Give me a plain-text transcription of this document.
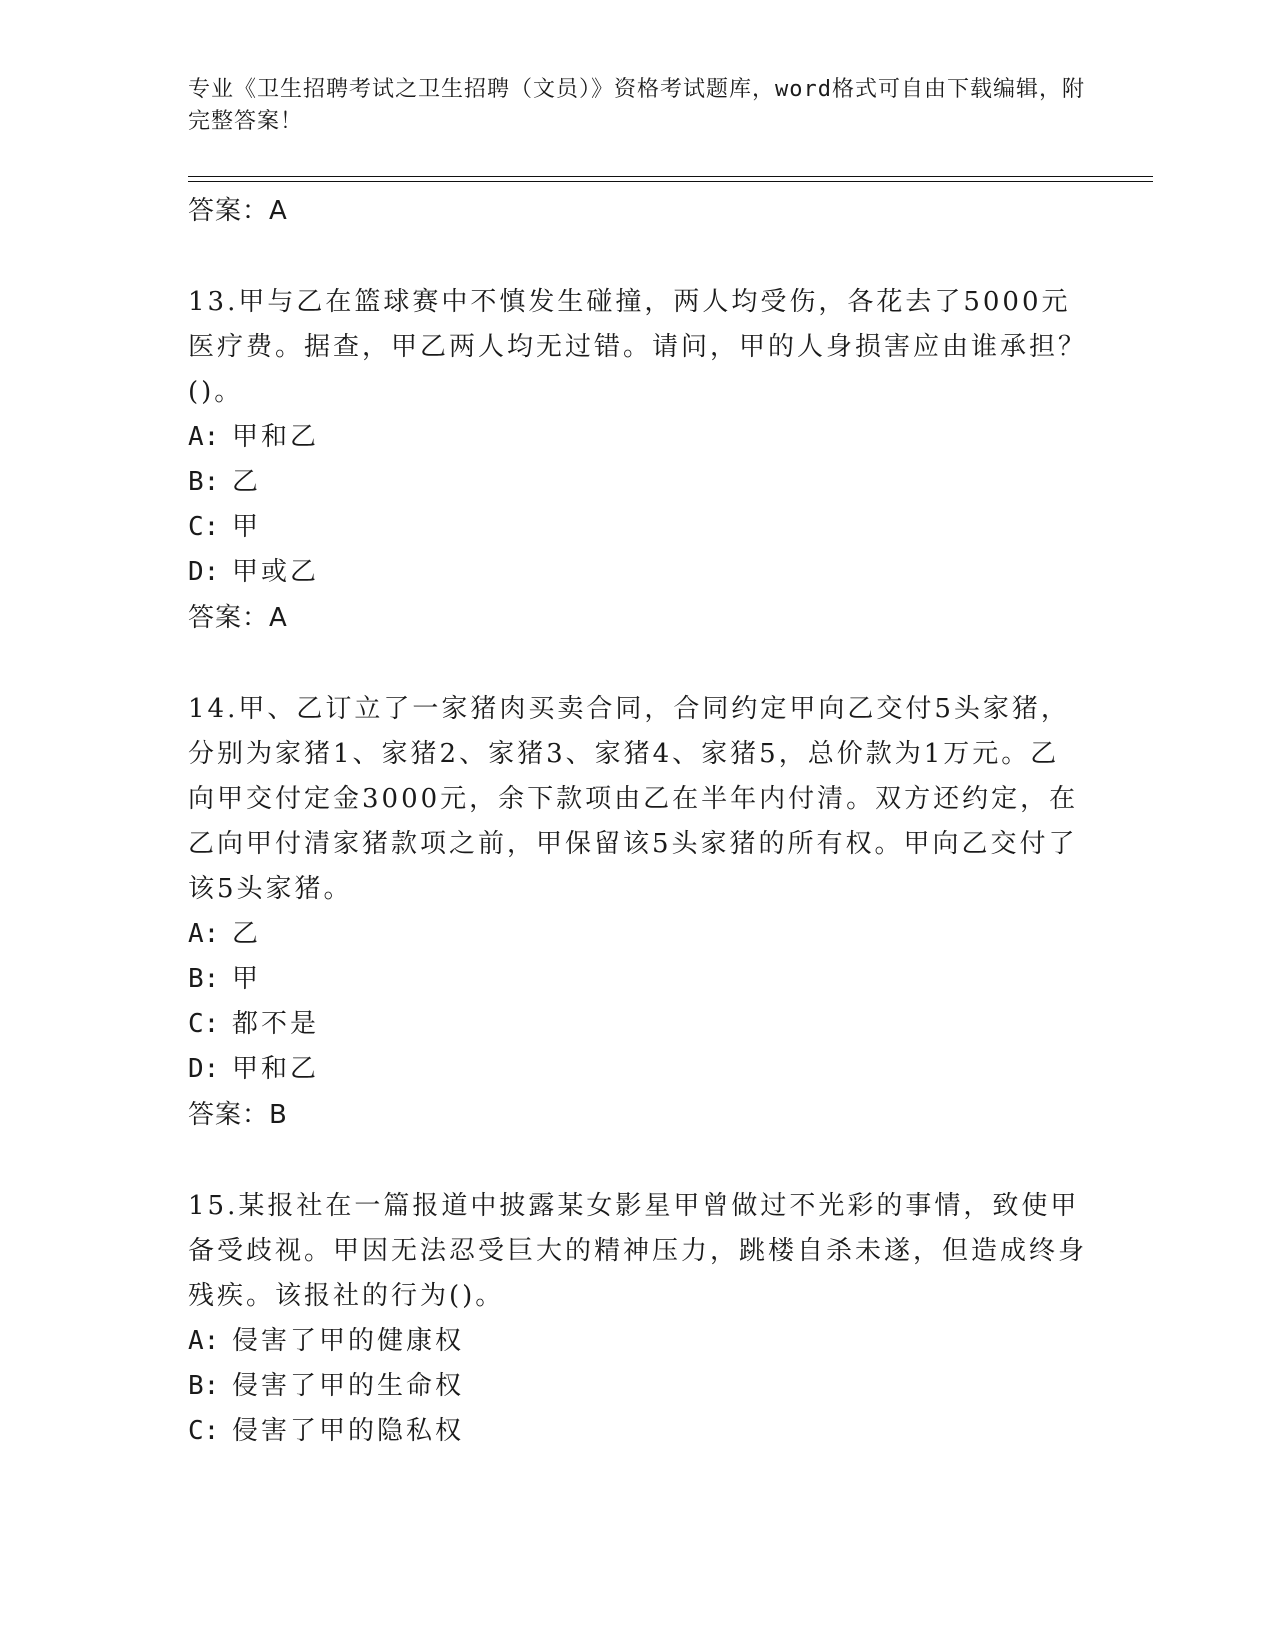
专业《卫生招聘考试之卫生招聘（文员）》资格考试题库，word格式可自由下载编辑，附完整答案！
答案：A

13.甲与乙在篮球赛中不慎发生碰撞，两人均受伤，各花去了5000元医疗费。据查，甲乙两人均无过错。请问，甲的人身损害应由谁承担？()。

A: 甲和乙
B: 乙
C: 甲
D: 甲或乙
答案：A

14.甲、乙订立了一家猪肉买卖合同，合同约定甲向乙交付5头家猪，分别为家猪1、家猪2、家猪3、家猪4、家猪5，总价款为1万元。乙向甲交付定金3000元，余下款项由乙在半年内付清。双方还约定，在乙向甲付清家猪款项之前，甲保留该5头家猪的所有权。甲向乙交付了该5头家猪。

A: 乙
B: 甲
C: 都不是
D: 甲和乙
答案：B

15.某报社在一篇报道中披露某女影星甲曾做过不光彩的事情，致使甲备受歧视。甲因无法忍受巨大的精神压力，跳楼自杀未遂，但造成终身残疾。该报社的行为()。

A: 侵害了甲的健康权
B: 侵害了甲的生命权
C: 侵害了甲的隐私权
